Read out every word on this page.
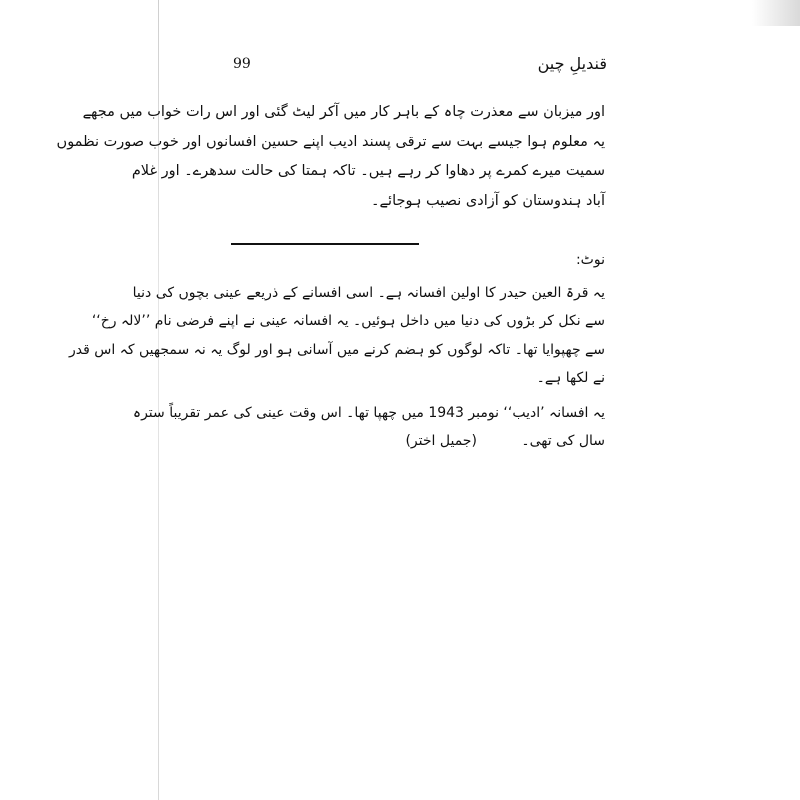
99	قندیلِ چین
اور میزبان سے معذرت چاہ کے باہر کار میں آکر لیٹ گئی اور اس رات خواب میں مجھے
یہ معلوم ہوا جیسے بہت سے ترقی پسند ادیب اپنے حسین افسانوں اور خوب صورت نظموں
سمیت میرے کمرے پر دھاوا کر رہے ہیں۔ تاکہ ہمتا کی حالت سدھرے۔ اور غلام
آباد ہندوستان کو آزادی نصیب ہوجائے۔
نوٹ:
یہ قرۃ العین حیدر کا اولین افسانہ ہے۔ اسی افسانے کے ذریعے عینی بچوں کی دنیا
سے نکل کر بڑوں کی دنیا میں داخل ہوئیں۔ یہ افسانہ عینی نے اپنے فرضی نام ’’لالہ رخ‘‘
سے چھپوایا تھا۔ تاکہ لوگوں کو ہضم کرنے میں آسانی ہو اور لوگ یہ نہ سمجھیں کہ اس قدر
نے لکھا ہے۔
یہ افسانہ ’ادیب‘‘ نومبر 1943 میں چھپا تھا۔ اس وقت عینی کی عمر تقریباً سترہ
سال کی تھی۔ (جمیل اختر)
